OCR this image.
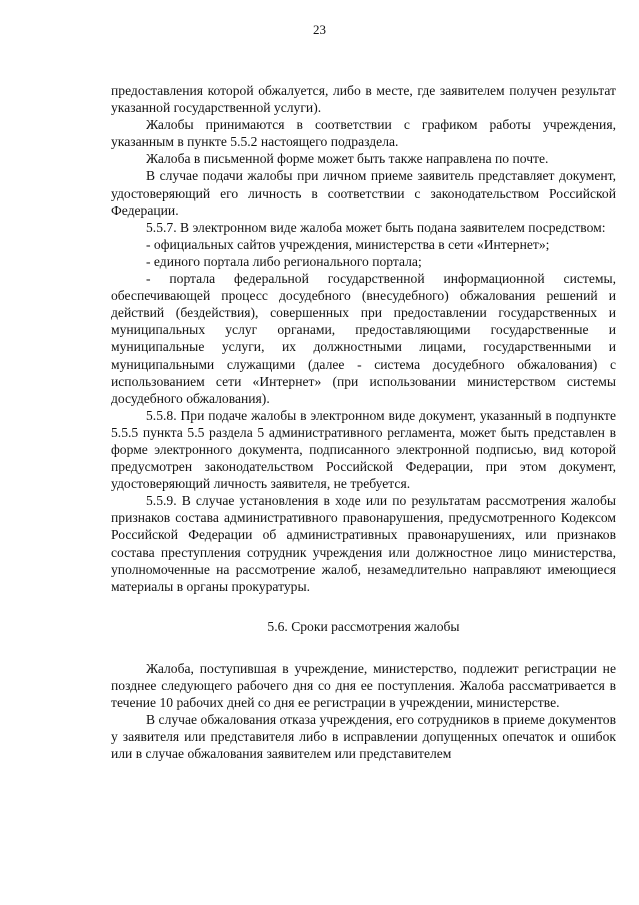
23

предоставления которой обжалуется, либо в месте, где заявителем получен результат указанной государственной услуги).

Жалобы принимаются в соответствии с графиком работы учреждения, указанным в пункте 5.5.2 настоящего подраздела.

Жалоба в письменной форме может быть также направлена по почте.

В случае подачи жалобы при личном приеме заявитель представляет документ, удостоверяющий его личность в соответствии с законодательством Российской Федерации.

5.5.7. В электронном виде жалоба может быть подана заявителем посредством:

- официальных сайтов учреждения, министерства в сети «Интернет»;

- единого портала либо регионального портала;

- портала федеральной государственной информационной системы, обеспечивающей процесс досудебного (внесудебного) обжалования решений и действий (бездействия), совершенных при предоставлении государственных и муниципальных услуг органами, предоставляющими государственные и муниципальные услуги, их должностными лицами, государственными и муниципальными служащими (далее - система досудебного обжалования) с использованием сети «Интернет» (при использовании министерством системы досудебного обжалования).

5.5.8. При подаче жалобы в электронном виде документ, указанный в подпункте 5.5.5 пункта 5.5 раздела 5 административного регламента, может быть представлен в форме электронного документа, подписанного электронной подписью, вид которой предусмотрен законодательством Российской Федерации, при этом документ, удостоверяющий личность заявителя, не требуется.

5.5.9. В случае установления в ходе или по результатам рассмотрения жалобы признаков состава административного правонарушения, предусмотренного Кодексом Российской Федерации об административных правонарушениях, или признаков состава преступления сотрудник учреждения или должностное лицо министерства, уполномоченные на рассмотрение жалоб, незамедлительно направляют имеющиеся материалы в органы прокуратуры.

5.6. Сроки рассмотрения жалобы

Жалоба, поступившая в учреждение, министерство, подлежит регистрации не позднее следующего рабочего дня со дня ее поступления. Жалоба рассматривается в течение 10 рабочих дней со дня ее регистрации в учреждении, министерстве.

В случае обжалования отказа учреждения, его сотрудников в приеме документов у заявителя или представителя либо в исправлении допущенных опечаток и ошибок или в случае обжалования заявителем или представителем
